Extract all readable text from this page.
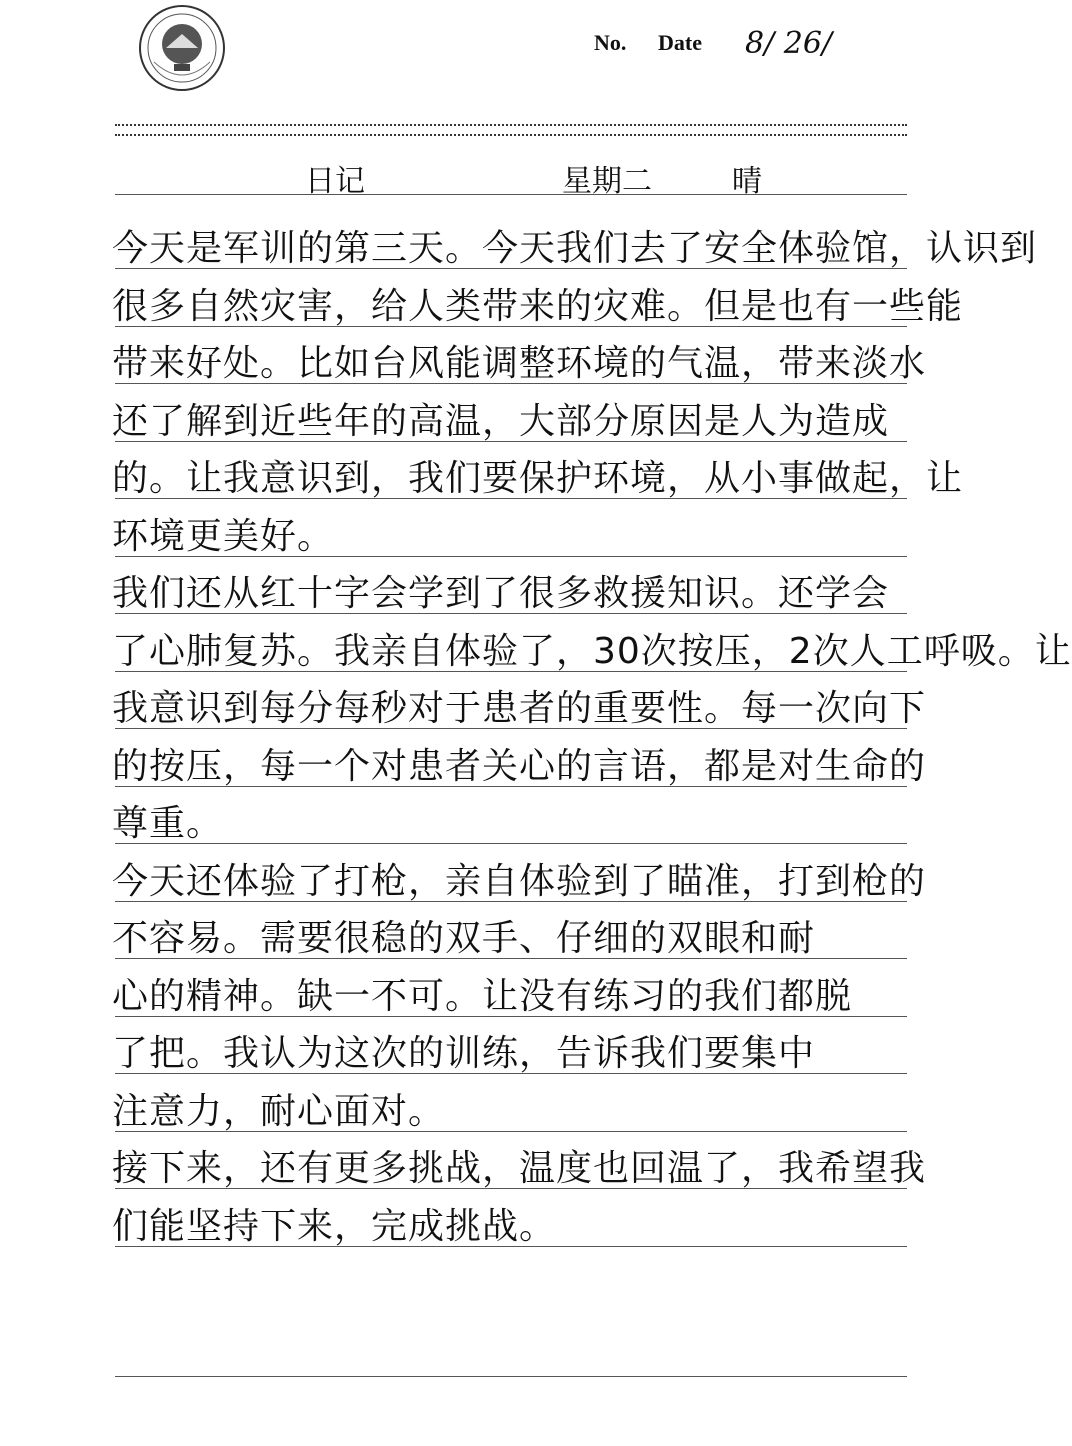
No. Date 8/ 26/
日记	星期二	晴
今天是军训的第三天。今天我们去了安全体验馆，认识到
很多自然灾害，给人类带来的灾难。但是也有一些能
带来好处。比如台风能调整环境的气温，带来淡水
还了解到近些年的高温，大部分原因是人为造成
的。让我意识到，我们要保护环境，从小事做起，让
环境更美好。
我们还从红十字会学到了很多救援知识。还学会
了心肺复苏。我亲自体验了，30次按压，2次人工呼吸。让
我意识到每分每秒对于患者的重要性。每一次向下
的按压，每一个对患者关心的言语，都是对生命的
尊重。
今天还体验了打枪，亲自体验到了瞄准，打到枪的
不容易。需要很稳的双手、仔细的双眼和耐
心的精神。缺一不可。让没有练习的我们都脱
了把。我认为这次的训练，告诉我们要集中
注意力，耐心面对。
接下来，还有更多挑战，温度也回温了，我希望我
们能坚持下来，完成挑战。
